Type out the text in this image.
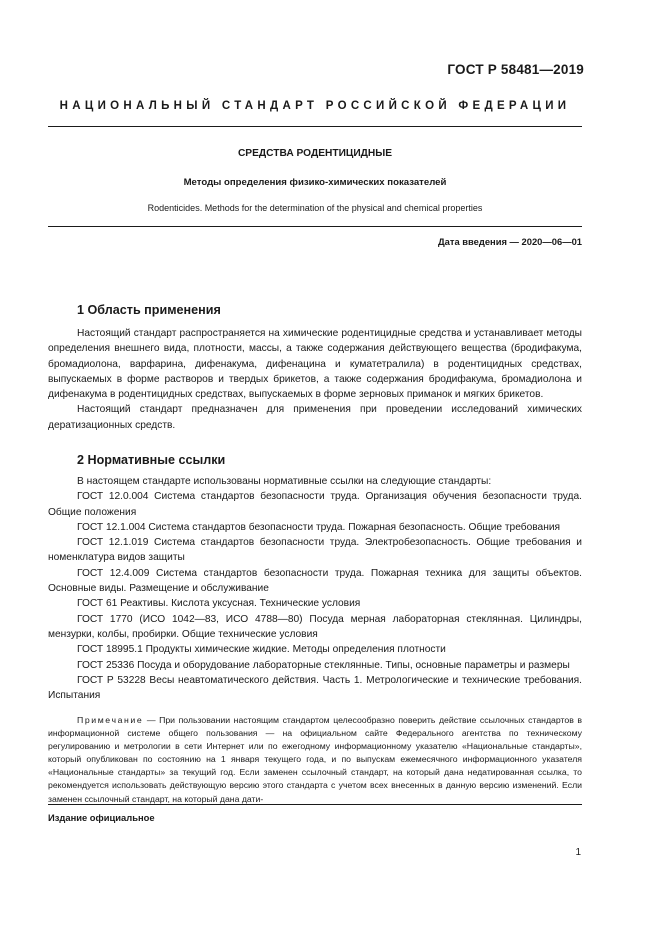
ГОСТ Р 58481—2019
НАЦИОНАЛЬНЫЙ СТАНДАРТ РОССИЙСКОЙ ФЕДЕРАЦИИ
СРЕДСТВА РОДЕНТИЦИДНЫЕ
Методы определения физико-химических показателей
Rodenticides. Methods for the determination of the physical and chemical properties
Дата введения — 2020—06—01
1 Область применения

Настоящий стандарт распространяется на химические родентицидные средства и устанавливает методы определения внешнего вида, плотности, массы, а также содержания действующего вещества (бродифакума, бромадиолона, варфарина, дифенакума, дифенацина и куматетралила) в родентицидных средствах, выпускаемых в форме растворов и твердых брикетов, а также содержания бродифакума, бромадиолона и дифенакума в родентицидных средствах, выпускаемых в форме зерновых приманок и мягких брикетов.

Настоящий стандарт предназначен для применения при проведении исследований химических дератизационных средств.

2 Нормативные ссылки

В настоящем стандарте использованы нормативные ссылки на следующие стандарты:

ГОСТ 12.0.004 Система стандартов безопасности труда. Организация обучения безопасности труда. Общие положения

ГОСТ 12.1.004 Система стандартов безопасности труда. Пожарная безопасность. Общие требования

ГОСТ 12.1.019 Система стандартов безопасности труда. Электробезопасность. Общие требования и номенклатура видов защиты

ГОСТ 12.4.009 Система стандартов безопасности труда. Пожарная техника для защиты объектов. Основные виды. Размещение и обслуживание

ГОСТ 61 Реактивы. Кислота уксусная. Технические условия

ГОСТ 1770 (ИСО 1042—83, ИСО 4788—80) Посуда мерная лабораторная стеклянная. Цилиндры, мензурки, колбы, пробирки. Общие технические условия

ГОСТ 18995.1 Продукты химические жидкие. Методы определения плотности

ГОСТ 25336 Посуда и оборудование лабораторные стеклянные. Типы, основные параметры и размеры

ГОСТ Р 53228 Весы неавтоматического действия. Часть 1. Метрологические и технические требования. Испытания

Примечание — При пользовании настоящим стандартом целесообразно поверить действие ссылочных стандартов в информационной системе общего пользования — на официальном сайте Федерального агентства по техническому регулированию и метрологии в сети Интернет или по ежегодному информационному указателю «Национальные стандарты», который опубликован по состоянию на 1 января текущего года, и по выпускам ежемесячного информационного указателя «Национальные стандарты» за текущий год. Если заменен ссылочный стандарт, на который дана недатированная ссылка, то рекомендуется использовать действующую версию этого стандарта с учетом всех внесенных в данную версию изменений. Если заменен ссылочный стандарт, на который дана дати-

Издание официальное
1
